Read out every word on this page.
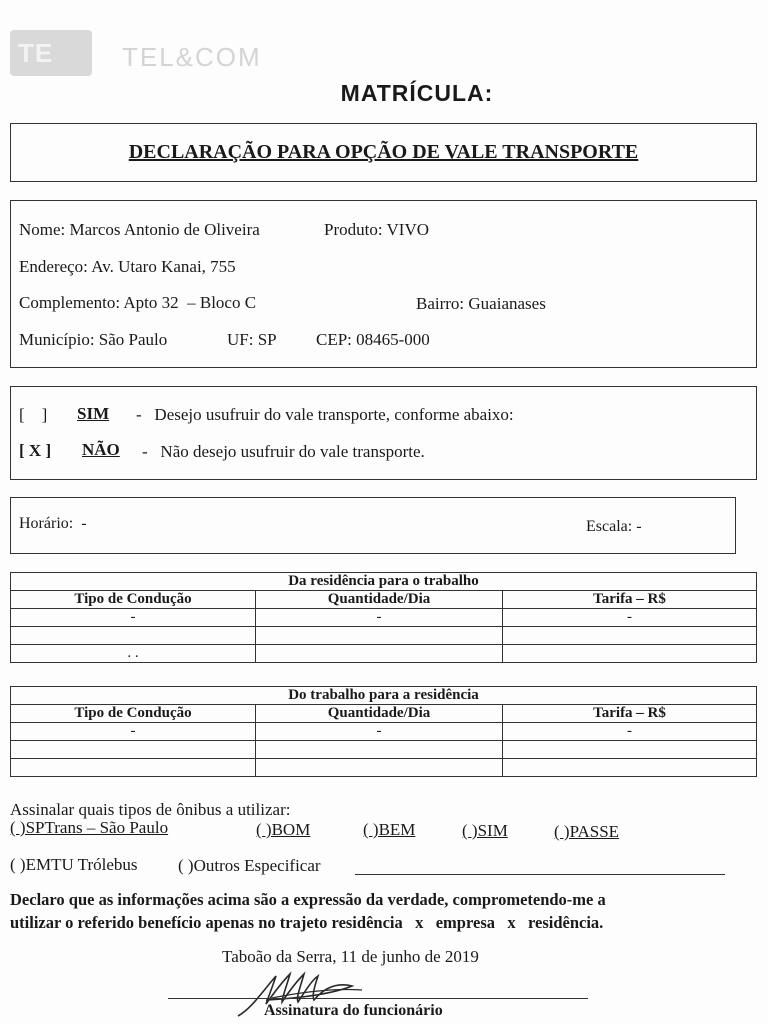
TE	TEL&COM
MATRÍCULA:
DECLARAÇÃO PARA OPÇÃO DE VALE TRANSPORTE
Nome: Marcos Antonio de Oliveira	Produto: VIVO
Endereço: Av. Utaro Kanai, 755
Complemento: Apto 32  – Bloco C	Bairro: Guaianases
Município: São Paulo	UF: SP CEP: 08465-000
[    ] SIM -   Desejo usufruir do vale transporte, conforme abaixo:
[ X ] NÃO -   Não desejo usufruir do vale transporte.
Horário:  -	Escala: -
Da residência para o trabalho		
Tipo de Condução	Quantidade/Dia	Tarifa – R$
-	-	-

. .		
Do trabalho para a residência		
Tipo de Condução	Quantidade/Dia	Tarifa – R$
-	-	-

Assinalar quais tipos de ônibus a utilizar:
( )SPTrans – São Paulo	( )BOM	( )BEM	( )SIM	( )PASSE
( )EMTU Trólebus ( )Outros Especificar
Declaro que as informações acima são a expressão da verdade, comprometendo-me a
utilizar o referido benefício apenas no trajeto residência   x   empresa   x   residência.
Taboão da Serra, 11 de junho de 2019
Assinatura do funcionário
